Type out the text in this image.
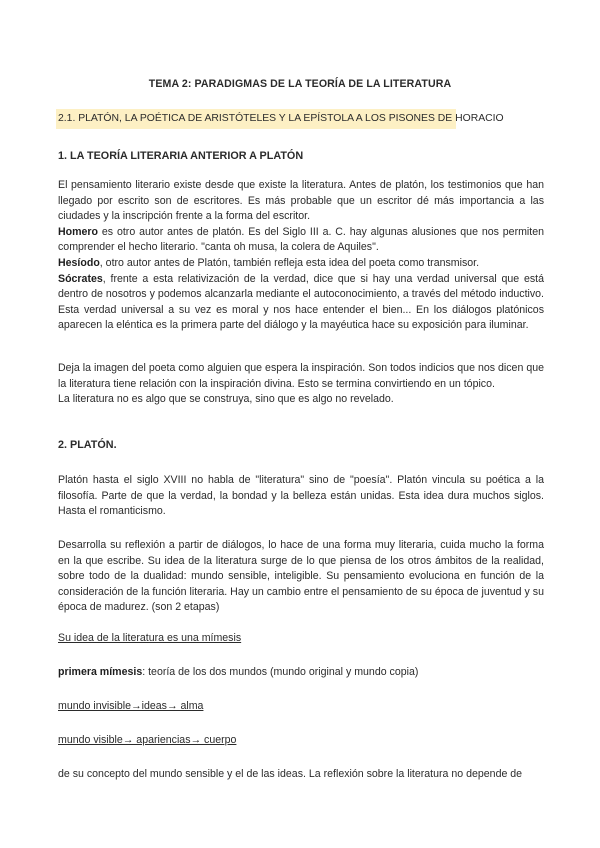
TEMA 2: PARADIGMAS DE LA TEORÍA DE LA LITERATURA
2.1. PLATÓN, LA POÉTICA DE ARISTÓTELES Y LA EPÍSTOLA A LOS PISONES DE HORACIO
1. LA TEORÍA LITERARIA ANTERIOR A PLATÓN

El pensamiento literario existe desde que existe la literatura. Antes de platón, los testimonios que han llegado por escrito son de escritores. Es más probable que un escritor dé más importancia a las ciudades y la inscripción frente a la forma del escritor.

Homero es otro autor antes de platón. Es del Siglo III a. C. hay algunas alusiones que nos permiten comprender el hecho literario. "canta oh musa, la colera de Aquiles".

Hesíodo, otro autor antes de Platón, también refleja esta idea del poeta como transmisor.

Sócrates, frente a esta relativización de la verdad, dice que si hay una verdad universal que está dentro de nosotros y podemos alcanzarla mediante el autoconocimiento, a través del método inductivo. Esta verdad universal a su vez es moral y nos hace entender el bien... En los diálogos platónicos aparecen la eléntica es la primera parte del diálogo y la mayéutica hace su exposición para iluminar.

Deja la imagen del poeta como alguien que espera la inspiración. Son todos indicios que nos dicen que la literatura tiene relación con la inspiración divina. Esto se termina convirtiendo en un tópico.

La literatura no es algo que se construya, sino que es algo no revelado.

2. PLATÓN.
Platón hasta el siglo XVIII no habla de "literatura" sino de "poesía". Platón vincula su poética a la filosofía. Parte de que la verdad, la bondad y la belleza están unidas. Esta idea dura muchos siglos. Hasta el romanticismo.
Desarrolla su reflexión a partir de diálogos, lo hace de una forma muy literaria, cuida mucho la forma en la que escribe. Su idea de la literatura surge de lo que piensa de los otros ámbitos de la realidad, sobre todo de la dualidad: mundo sensible, inteligible. Su pensamiento evoluciona en función de la consideración de la función literaria. Hay un cambio entre el pensamiento de su época de juventud y su época de madurez. (son 2 etapas)
Su idea de la literatura es una mímesis
primera mímesis: teoría de los dos mundos (mundo original y mundo copia)
mundo invisible→ideas→ alma
mundo visible→ apariencias→ cuerpo
de su concepto del mundo sensible y el de las ideas. La reflexión sobre la literatura no depende de
